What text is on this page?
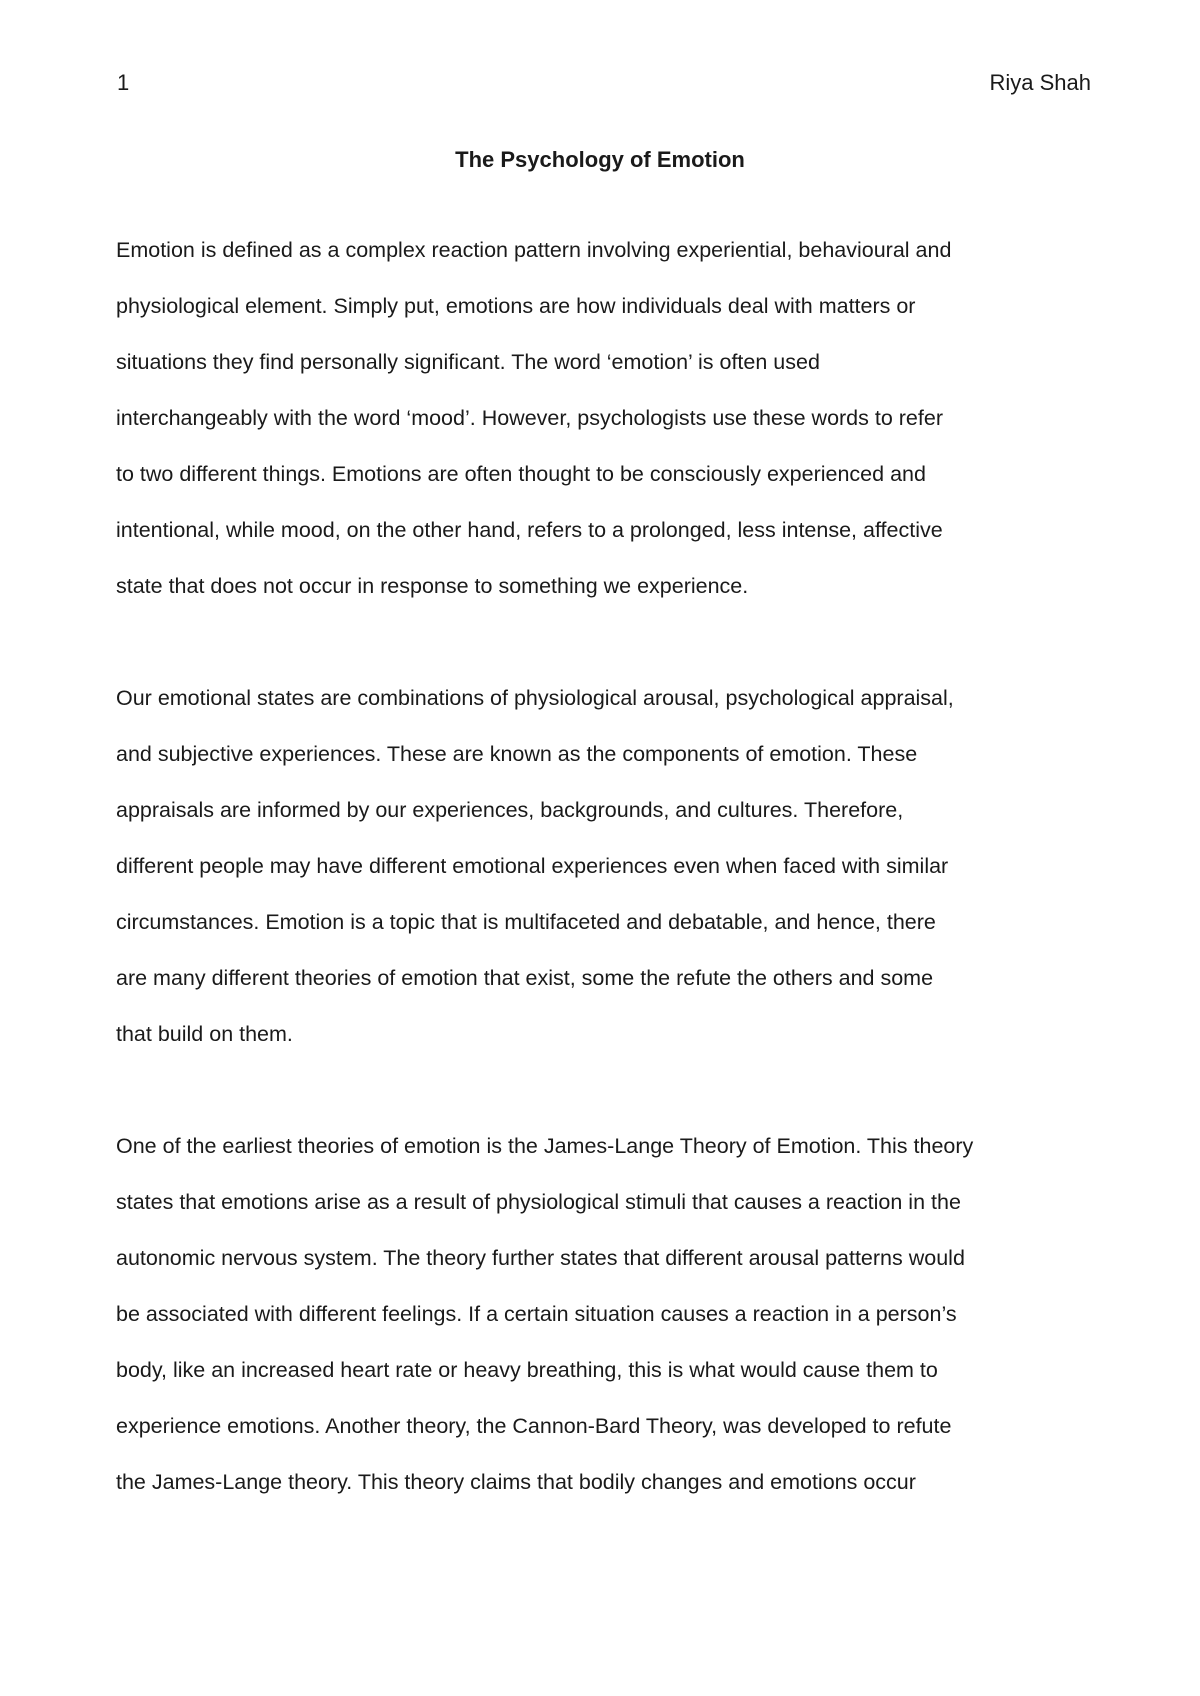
1	Riya Shah
The Psychology of Emotion
Emotion is defined as a complex reaction pattern involving experiential, behavioural and
physiological element. Simply put, emotions are how individuals deal with matters or
situations they find personally significant. The word ‘emotion’ is often used
interchangeably with the word ‘mood’. However, psychologists use these words to refer
to two different things. Emotions are often thought to be consciously experienced and
intentional, while mood, on the other hand, refers to a prolonged, less intense, affective
state that does not occur in response to something we experience.
Our emotional states are combinations of physiological arousal, psychological appraisal,
and subjective experiences. These are known as the components of emotion. These
appraisals are informed by our experiences, backgrounds, and cultures. Therefore,
different people may have different emotional experiences even when faced with similar
circumstances. Emotion is a topic that is multifaceted and debatable, and hence, there
are many different theories of emotion that exist, some the refute the others and some
that build on them.
One of the earliest theories of emotion is the James-Lange Theory of Emotion. This theory
states that emotions arise as a result of physiological stimuli that causes a reaction in the
autonomic nervous system. The theory further states that different arousal patterns would
be associated with different feelings. If a certain situation causes a reaction in a person’s
body, like an increased heart rate or heavy breathing, this is what would cause them to
experience emotions. Another theory, the Cannon-Bard Theory, was developed to refute
the James-Lange theory. This theory claims that bodily changes and emotions occur
